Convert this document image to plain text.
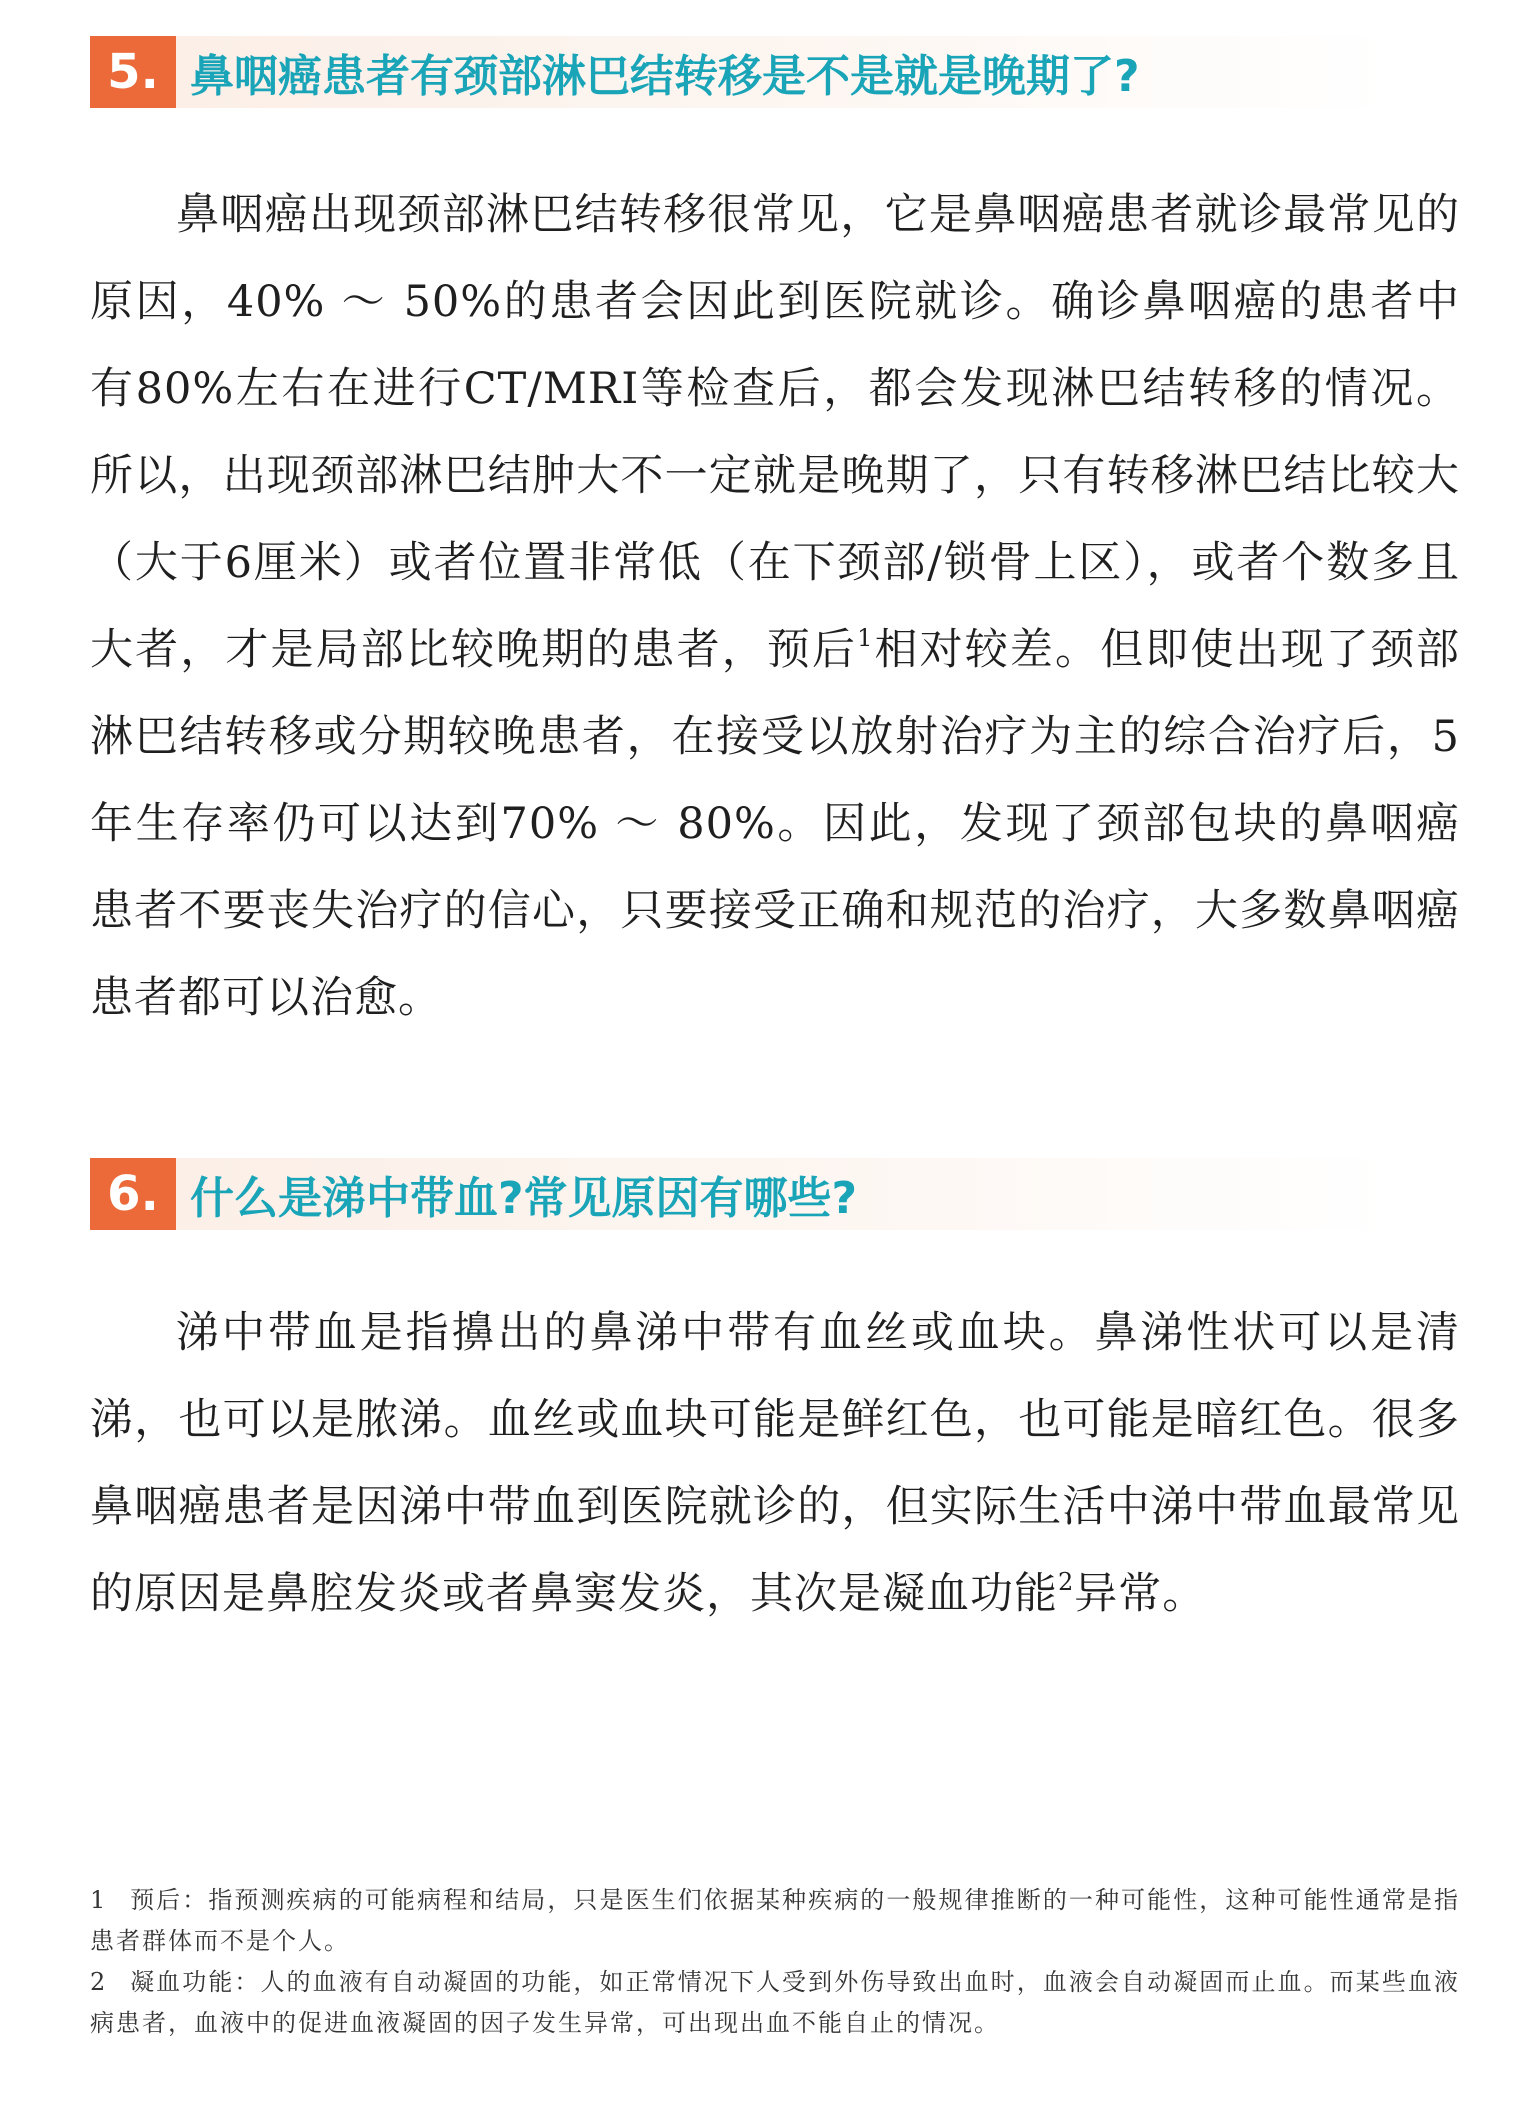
5. 鼻咽癌患者有颈部淋巴结转移是不是就是晚期了?

鼻咽癌出现颈部淋巴结转移很常见，它是鼻咽癌患者就诊最常见的原因，40% ～ 50%的患者会因此到医院就诊。确诊鼻咽癌的患者中有80%左右在进行CT/MRI等检查后，都会发现淋巴结转移的情况。所以，出现颈部淋巴结肿大不一定就是晚期了，只有转移淋巴结比较大（大于6厘米）或者位置非常低（在下颈部/锁骨上区），或者个数多且大者，才是局部比较晚期的患者，预后$^1$相对较差。但即使出现了颈部淋巴结转移或分期较晚患者，在接受以放射治疗为主的综合治疗后，5年生存率仍可以达到70% ～ 80%。因此，发现了颈部包块的鼻咽癌患者不要丧失治疗的信心，只要接受正确和规范的治疗，大多数鼻咽癌患者都可以治愈。

6. 什么是涕中带血?常见原因有哪些?

涕中带血是指擤出的鼻涕中带有血丝或血块。鼻涕性状可以是清涕，也可以是脓涕。血丝或血块可能是鲜红色，也可能是暗红色。很多鼻咽癌患者是因涕中带血到医院就诊的，但实际生活中涕中带血最常见的原因是鼻腔发炎或者鼻窦发炎，其次是凝血功能$^2$异常。

1 预后：指预测疾病的可能病程和结局，只是医生们依据某种疾病的一般规律推断的一种可能性，这种可能性通常是指患者群体而不是个人。

2 凝血功能：人的血液有自动凝固的功能，如正常情况下人受到外伤导致出血时，血液会自动凝固而止血。而某些血液病患者，血液中的促进血液凝固的因子发生异常，可出现出血不能自止的情况。
